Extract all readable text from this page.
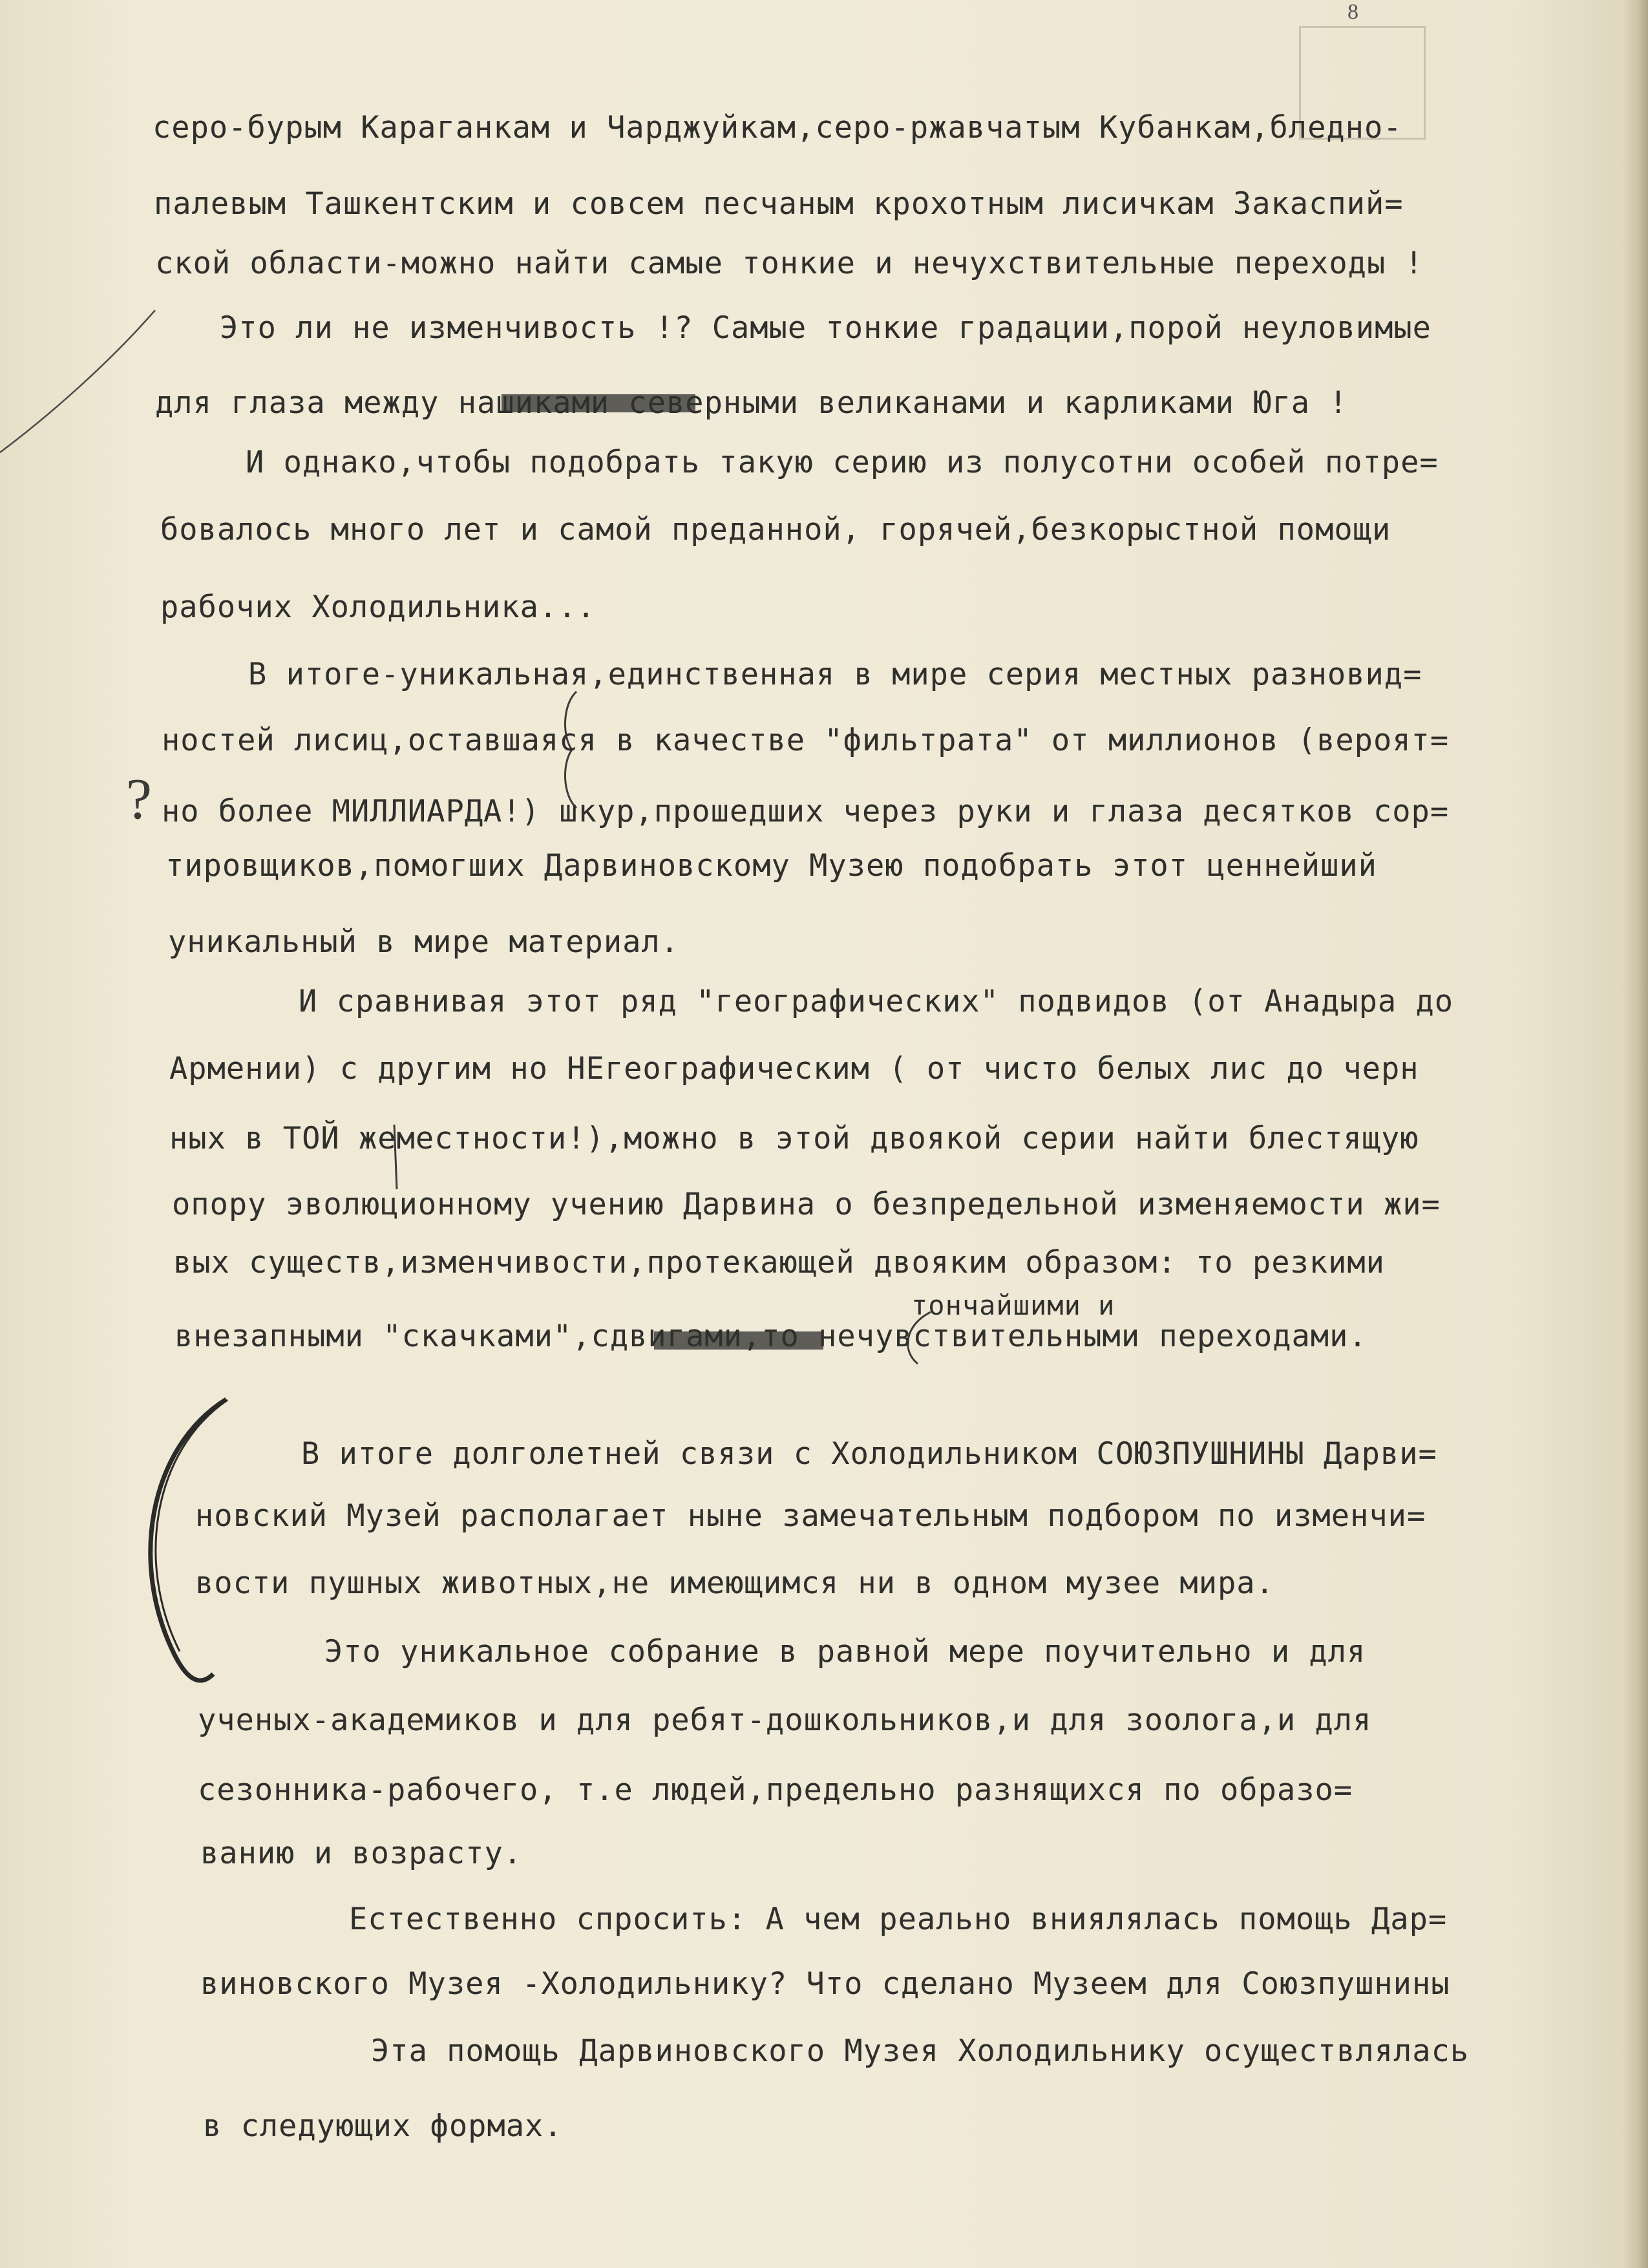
8
?
серо-бурым Караганкам и Чарджуйкам,серо-ржавчатым Кубанкам,бледно-
палевым Ташкентским и совсем песчаным крохотным лисичкам Закаспий=
ской области-можно найти самые тонкие и нечухствительные переходы !
Это ли не изменчивость !? Самые тонкие градации,порой неуловимые
для глаза между нашиками северными великанами и карликами Юга !
И однако,чтобы подобрать такую серию из полусотни особей потре=
бовалось много лет и самой преданной, горячей,безкорыстной помощи
рабочих Холодильника...
В итоге-уникальная,единственная в мире серия местных разновид=
ностей лисиц,оставшаяся в качестве "фильтрата" от миллионов (вероят=
но более МИЛЛИАРДА!) шкур,прошедших через руки и глаза десятков сор=
тировщиков,помогших Дарвиновскому Музею подобрать этот ценнейший
уникальный в мире материал.
И сравнивая этот ряд "географических" подвидов (от Анадыра до
Армении) с другим но НЕгеографическим ( от чисто белых лис до черн
ных в ТОЙ жеместности!),можно в этой двоякой серии найти блестящую
опору эволюционному учению Дарвина о безпредельной изменяемости жи=
вых существ,изменчивости,протекающей двояким образом: то резкими
тончайшими и
внезапными "скачками",сдвигами,то нечувствительными переходами.
В итоге долголетней связи с Холодильником СОЮЗПУШНИНЫ Дарви=
новский Музей располагает ныне замечательным подбором по изменчи=
вости пушных животных,не имеющимся ни в одном музее мира.
Это уникальное собрание в равной мере поучительно и для
ученых-академиков и для ребят-дошкольников,и для зоолога,и для
сезонника-рабочего, т.е людей,предельно разнящихся по образо=
ванию и возрасту.
Естественно спросить: А чем реально вниялялась помощь Дар=
виновского Музея -Холодильнику? Что сделано Музеем для Союзпушнины
Эта помощь Дарвиновского Музея Холодильнику осуществлялась
в следующих формах.
